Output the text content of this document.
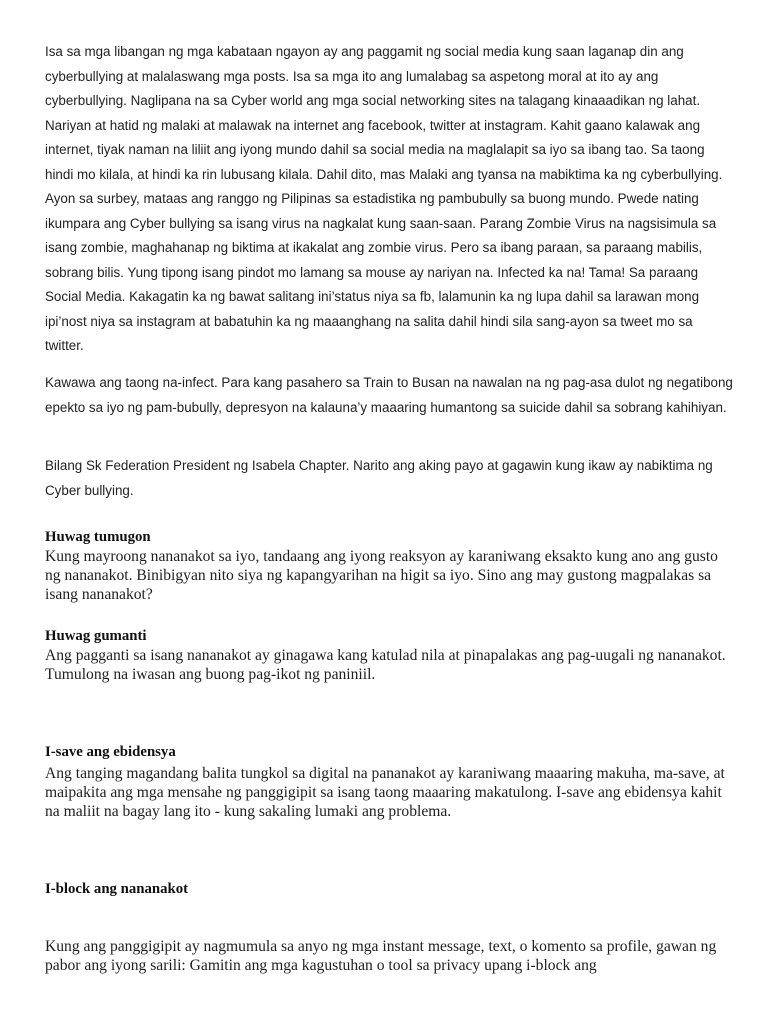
Isa sa mga libangan ng mga kabataan ngayon ay ang paggamit ng social media kung saan laganap din ang cyberbullying at malalaswang mga posts. Isa sa mga ito ang lumalabag sa aspetong moral at ito ay ang cyberbullying. Naglipana na sa Cyber world ang mga social networking sites na talagang kinaaadikan ng lahat. Nariyan at hatid ng malaki at malawak na internet ang facebook, twitter at instagram. Kahit gaano kalawak ang internet, tiyak naman na liliit ang iyong mundo dahil sa social media na maglalapit sa iyo sa ibang tao. Sa taong hindi mo kilala, at hindi ka rin lubusang kilala. Dahil dito, mas Malaki ang tyansa na mabiktima ka ng cyberbullying. Ayon sa surbey, mataas ang ranggo ng Pilipinas sa estadistika ng pambubully sa buong mundo. Pwede nating ikumpara ang Cyber bullying sa isang virus na nagkalat kung saan-saan. Parang Zombie Virus na nagsisimula sa isang zombie, maghahanap ng biktima at ikakalat ang zombie virus. Pero sa ibang paraan, sa paraang mabilis, sobrang bilis. Yung tipong isang pindot mo lamang sa mouse ay nariyan na. Infected ka na! Tama! Sa paraang Social Media. Kakagatin ka ng bawat salitang ini’status niya sa fb, lalamunin ka ng lupa dahil sa larawan mong ipi’nost niya sa instagram at babatuhin ka ng maaanghang na salita dahil hindi sila sang-ayon sa tweet mo sa twitter.

Kawawa ang taong na-infect. Para kang pasahero sa Train to Busan na nawalan na ng pag-asa dulot ng negatibong epekto sa iyo ng pam-bubully, depresyon na kalauna’y maaaring humantong sa suicide dahil sa sobrang kahihiyan.

Bilang Sk Federation President ng Isabela Chapter. Narito ang aking payo at gagawin kung ikaw ay nabiktima ng Cyber bullying.

Huwag tumugon

Kung mayroong nananakot sa iyo, tandaang ang iyong reaksyon ay karaniwang eksakto kung ano ang gusto ng nananakot. Binibigyan nito siya ng kapangyarihan na higit sa iyo. Sino ang may gustong magpalakas sa isang nananakot?

Huwag gumanti

Ang pagganti sa isang nananakot ay ginagawa kang katulad nila at pinapalakas ang pag-uugali ng nananakot. Tumulong na iwasan ang buong pag-ikot ng paniniil.

I-save ang ebidensya

Ang tanging magandang balita tungkol sa digital na pananakot ay karaniwang maaaring makuha, ma-save, at maipakita ang mga mensahe ng panggigipit sa isang taong maaaring makatulong. I-save ang ebidensya kahit na maliit na bagay lang ito - kung sakaling lumaki ang problema.

I-block ang nananakot

Kung ang panggigipit ay nagmumula sa anyo ng mga instant message, text, o komento sa profile, gawan ng pabor ang iyong sarili: Gamitin ang mga kagustuhan o tool sa privacy upang i-block ang
